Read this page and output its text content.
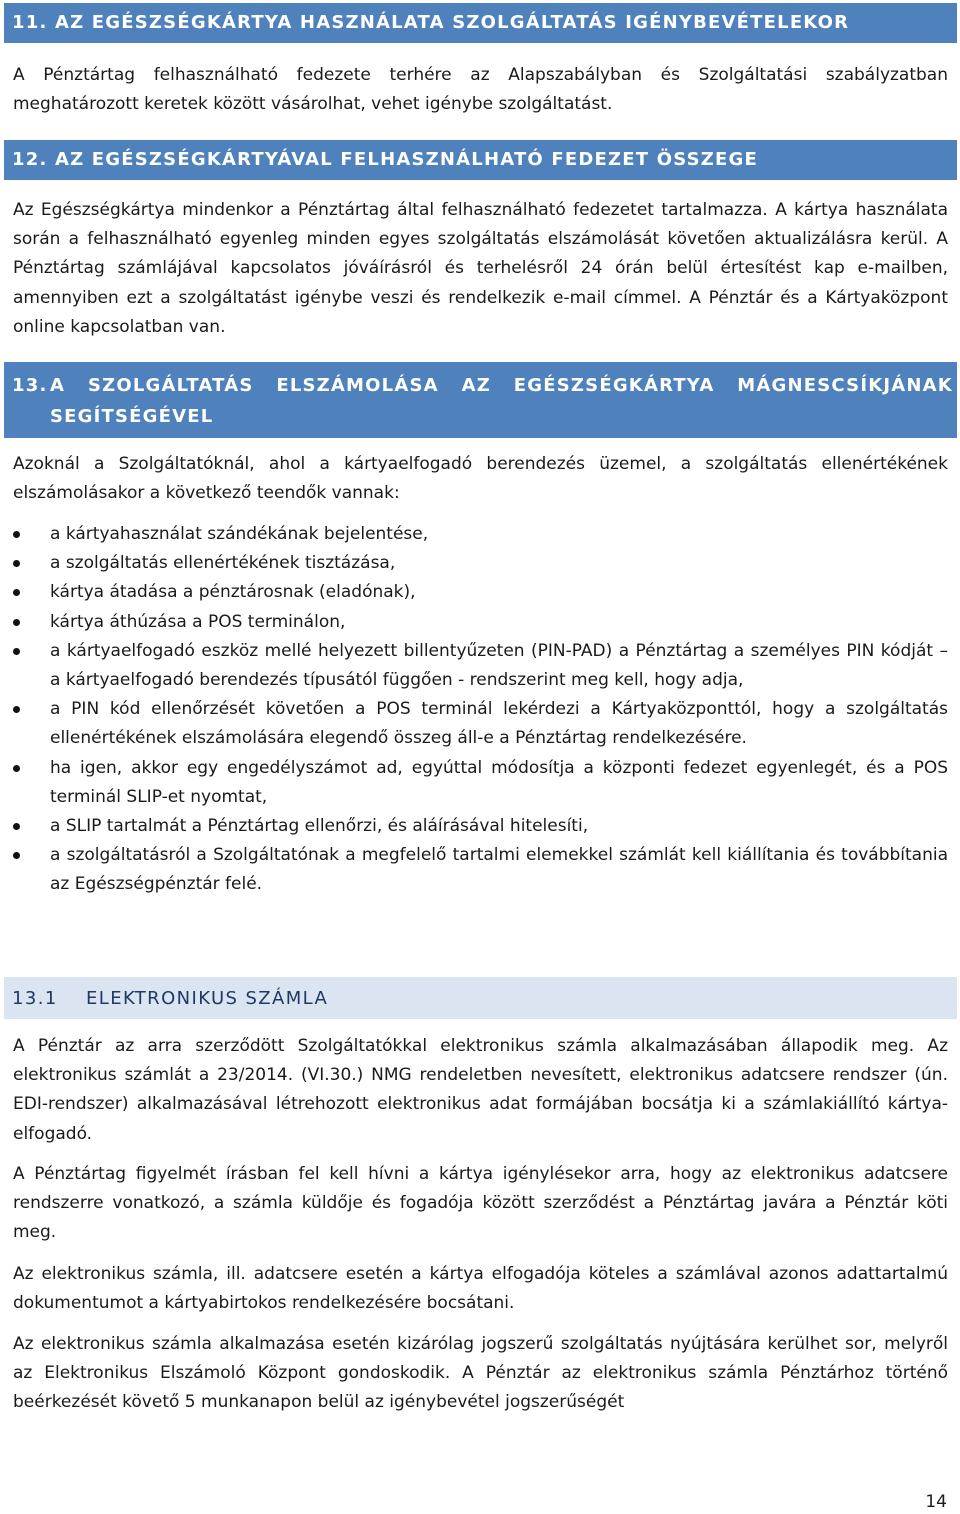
11. AZ EGÉSZSÉGKÁRTYA HASZNÁLATA SZOLGÁLTATÁS IGÉNYBEVÉTELEKOR

A Pénztártag felhasználható fedezete terhére az Alapszabályban és Szolgáltatási szabályzatban meghatározott keretek között vásárolhat, vehet igénybe szolgáltatást.

12. AZ EGÉSZSÉGKÁRTYÁVAL FELHASZNÁLHATÓ FEDEZET ÖSSZEGE

Az Egészségkártya mindenkor a Pénztártag által felhasználható fedezetet tartalmazza. A kártya használata során a felhasználható egyenleg minden egyes szolgáltatás elszámolását követően aktualizálásra kerül. A Pénztártag számlájával kapcsolatos jóváírásról és terhelésről 24 órán belül értesítést kap e-mailben, amennyiben ezt a szolgáltatást igénybe veszi és rendelkezik e-mail címmel. A Pénztár és a Kártyaközpont online kapcsolatban van.

13. A SZOLGÁLTATÁS ELSZÁMOLÁSA AZ EGÉSZSÉGKÁRTYA MÁGNESCSÍKJÁNAK
SEGÍTSÉGÉVEL

Azoknál a Szolgáltatóknál, ahol a kártyaelfogadó berendezés üzemel, a szolgáltatás ellenértékének elszámolásakor a következő teendők vannak:

a kártyahasználat szándékának bejelentése,
a szolgáltatás ellenértékének tisztázása,
kártya átadása a pénztárosnak (eladónak),
kártya áthúzása a POS terminálon,
a kártyaelfogadó eszköz mellé helyezett billentyűzeten (PIN-PAD) a Pénztártag a személyes PIN kódját – a kártyaelfogadó berendezés típusától függően - rendszerint meg kell, hogy adja,
a PIN kód ellenőrzését követően a POS terminál lekérdezi a Kártyaközponttól, hogy a szolgáltatás ellenértékének elszámolására elegendő összeg áll-e a Pénztártag rendelkezésére.
ha igen, akkor egy engedélyszámot ad, egyúttal módosítja a központi fedezet egyenlegét, és a POS terminál SLIP-et nyomtat,
a SLIP tartalmát a Pénztártag ellenőrzi, és aláírásával hitelesíti,
a szolgáltatásról a Szolgáltatónak a megfelelő tartalmi elemekkel számlát kell kiállítania és továbbítania az Egészségpénztár felé.
13.1 ELEKTRONIKUS SZÁMLA

A Pénztár az arra szerződött Szolgáltatókkal elektronikus számla alkalmazásában állapodik meg. Az elektronikus számlát a 23/2014. (VI.30.) NMG rendeletben nevesített, elektronikus adatcsere rendszer (ún. EDI-rendszer) alkalmazásával létrehozott elektronikus adat formájában bocsátja ki a számlakiállító kártya-elfogadó.

A Pénztártag figyelmét írásban fel kell hívni a kártya igénylésekor arra, hogy az elektronikus adatcsere rendszerre vonatkozó, a számla küldője és fogadója között szerződést a Pénztártag javára a Pénztár köti meg.

Az elektronikus számla, ill. adatcsere esetén a kártya elfogadója köteles a számlával azonos adattartalmú dokumentumot a kártyabirtokos rendelkezésére bocsátani.

Az elektronikus számla alkalmazása esetén kizárólag jogszerű szolgáltatás nyújtására kerülhet sor, melyről az Elektronikus Elszámoló Központ gondoskodik. A Pénztár az elektronikus számla Pénztárhoz történő beérkezését követő 5 munkanapon belül az igénybevétel jogszerűségét

14
